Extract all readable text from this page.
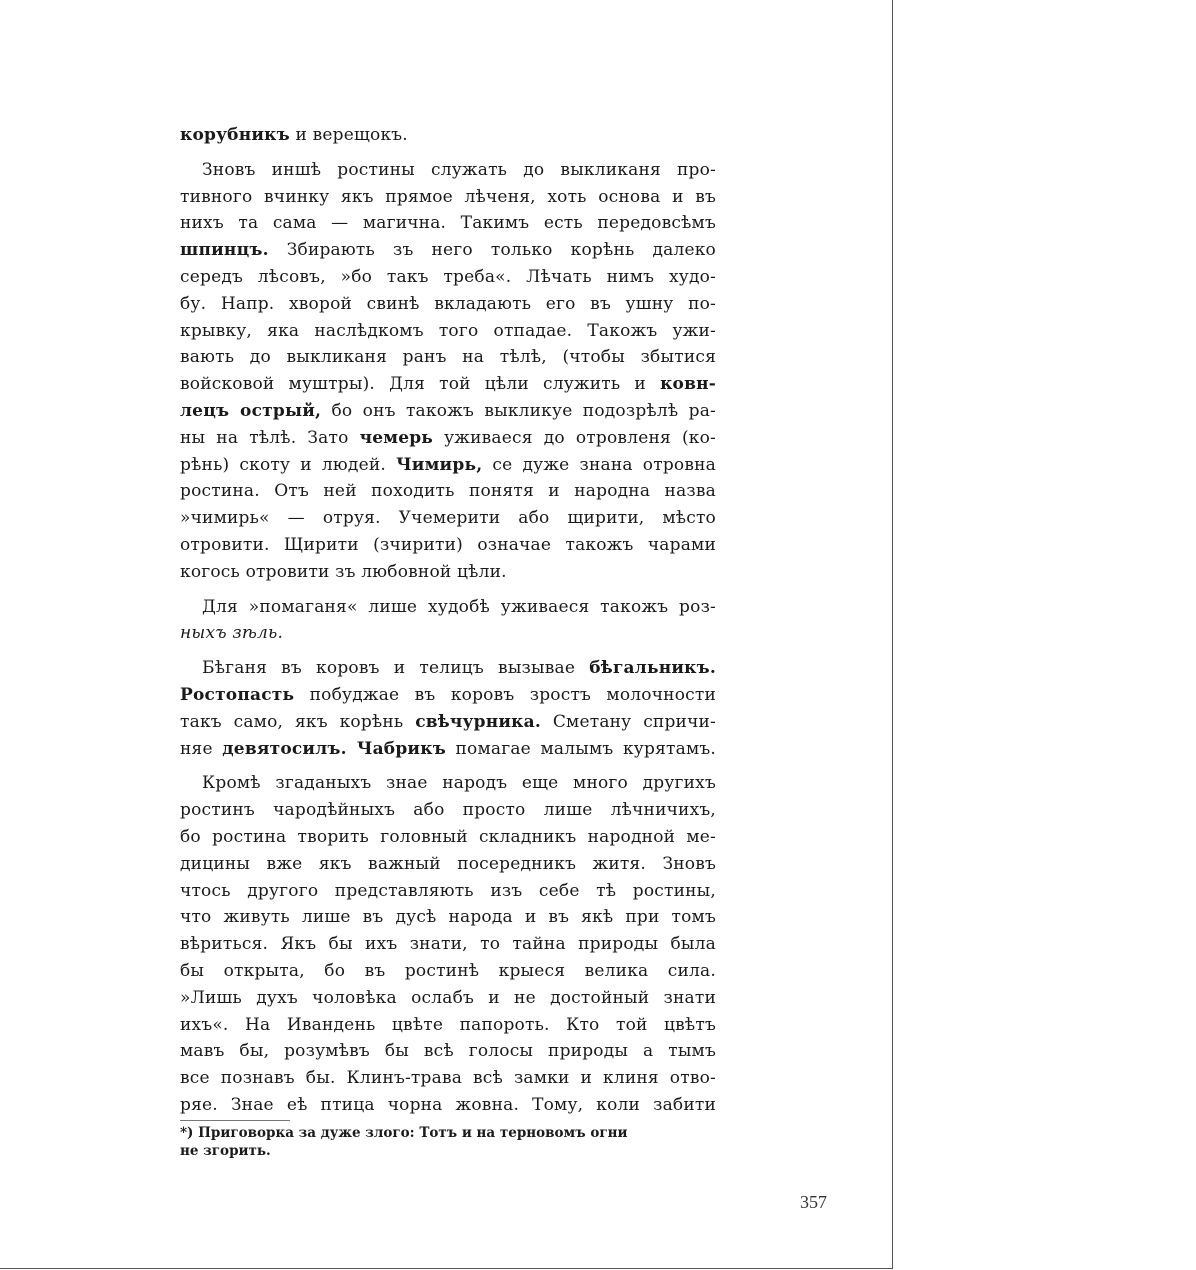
корубникъ и верещокъ.
Зновъ иншѣ ростины служать до выкликаня про-
тивного вчинку якъ прямое лѣченя, хоть основа и въ
нихъ та сама — магична. Такимъ есть передовсѣмъ
шпинцъ. Збирають зъ него только корѣнь далеко
середъ лѣсовъ, »бо такъ треба«. Лѣчать нимъ худо-
бу. Напр. хворой свинѣ вкладають его въ ушну по-
крывку, яка наслѣдкомъ того отпадае. Такожъ ужи-
вають до выкликаня ранъ на тѣлѣ, (чтобы збытися
войсковой муштры). Для той цѣли служить и ковн-
лецъ острый, бо онъ такожъ выкликуе подозрѣлѣ ра-
ны на тѣлѣ. Зато чемерь уживаеся до отровленя (ко-
рѣнь) скоту и людей. Чимирь, се дуже знана отровна
ростина. Отъ ней походить понятя и народна назва
»чимирь« — отруя. Учемерити або щирити, мѣсто
отровити. Щирити (зчирити) означае такожъ чарами
когось отровити зъ любовной цѣли.
Для »помаганя« лише худобѣ уживаеся такожъ роз-
ныхъ зѣль.
Бѣганя въ коровъ и телицъ вызывае бѣгальникъ.
Ростопасть побуджае въ коровъ зростъ молочности
такъ само, якъ корѣнь свѣчурника. Сметану спричи-
няе девятосилъ. Чабрикъ помагае малымъ курятамъ.
Кромѣ згаданыхъ знае народъ еще много другихъ
ростинъ чародѣйныхъ або просто лише лѣчничихъ,
бо ростина творить головный складникъ народной ме-
дицины вже якъ важный посередникъ житя. Зновъ
чтось другого представляють изъ себе тѣ ростины,
что живуть лише въ дусѣ народа и въ якѣ при томъ
вѣриться. Якъ бы ихъ знати, то тайна природы была
бы открыта, бо въ ростинѣ крыеся велика сила.
»Лишь духъ чоловѣка ослабъ и не достойный знати
ихъ«. На Ивандень цвѣте папороть. Кто той цвѣтъ
мавъ бы, розумѣвъ бы всѣ голосы природы а тымъ
все познавъ бы. Клинъ-трава всѣ замки и клиня отво-
ряе. Знае еѣ птица чорна жовна. Тому, коли забити
*) Приговорка за дуже злого: Тотъ и на терновомъ огни
не згорить.
357
